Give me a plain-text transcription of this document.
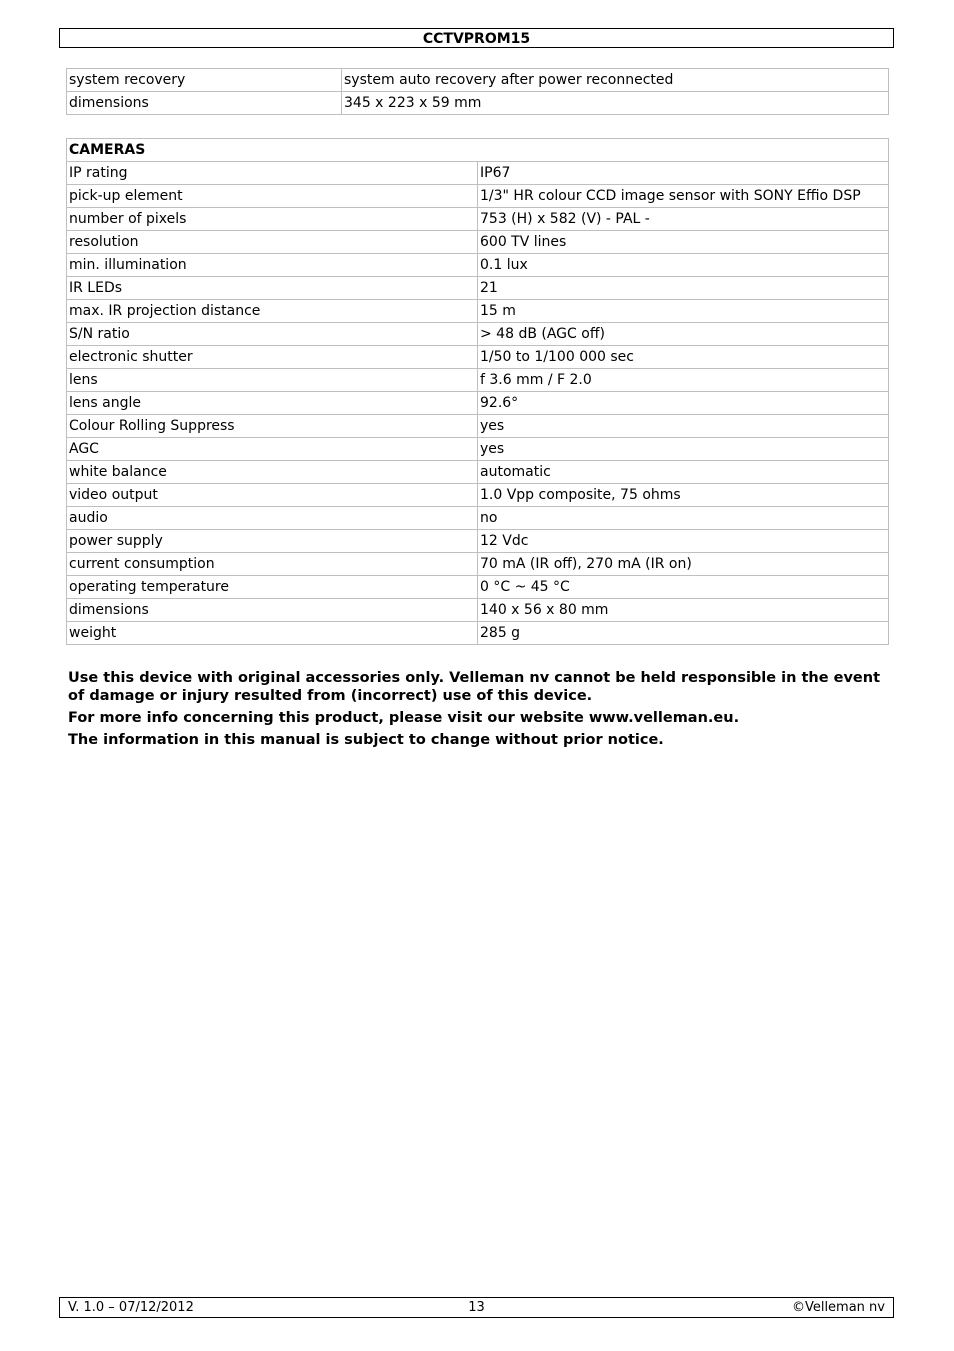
CCTVPROM15
system recovery	system auto recovery after power reconnected
dimensions	345 x 223 x 59 mm
CAMERAS	
IP rating	IP67
pick-up element	1/3" HR colour CCD image sensor with SONY Effio DSP
number of pixels	753 (H) x 582 (V) - PAL -
resolution	600 TV lines
min. illumination	0.1 lux
IR LEDs	21
max. IR projection distance	15 m
S/N ratio	> 48 dB (AGC off)
electronic shutter	1/50 to 1/100 000 sec
lens	f 3.6 mm / F 2.0
lens angle	92.6°
Colour Rolling Suppress	yes
AGC	yes
white balance	automatic
video output	1.0 Vpp composite, 75 ohms
audio	no
power supply	12 Vdc
current consumption	70 mA (IR off), 270 mA (IR on)
operating temperature	0 °C ~ 45 °C
dimensions	140 x 56 x 80 mm
weight	285 g

Use this device with original accessories only. Velleman nv cannot be held responsible in the event of damage or injury resulted from (incorrect) use of this device.

For more info concerning this product, please visit our website www.velleman.eu.

The information in this manual is subject to change without prior notice.

V. 1.0 – 07/12/2012	13	©Velleman nv
